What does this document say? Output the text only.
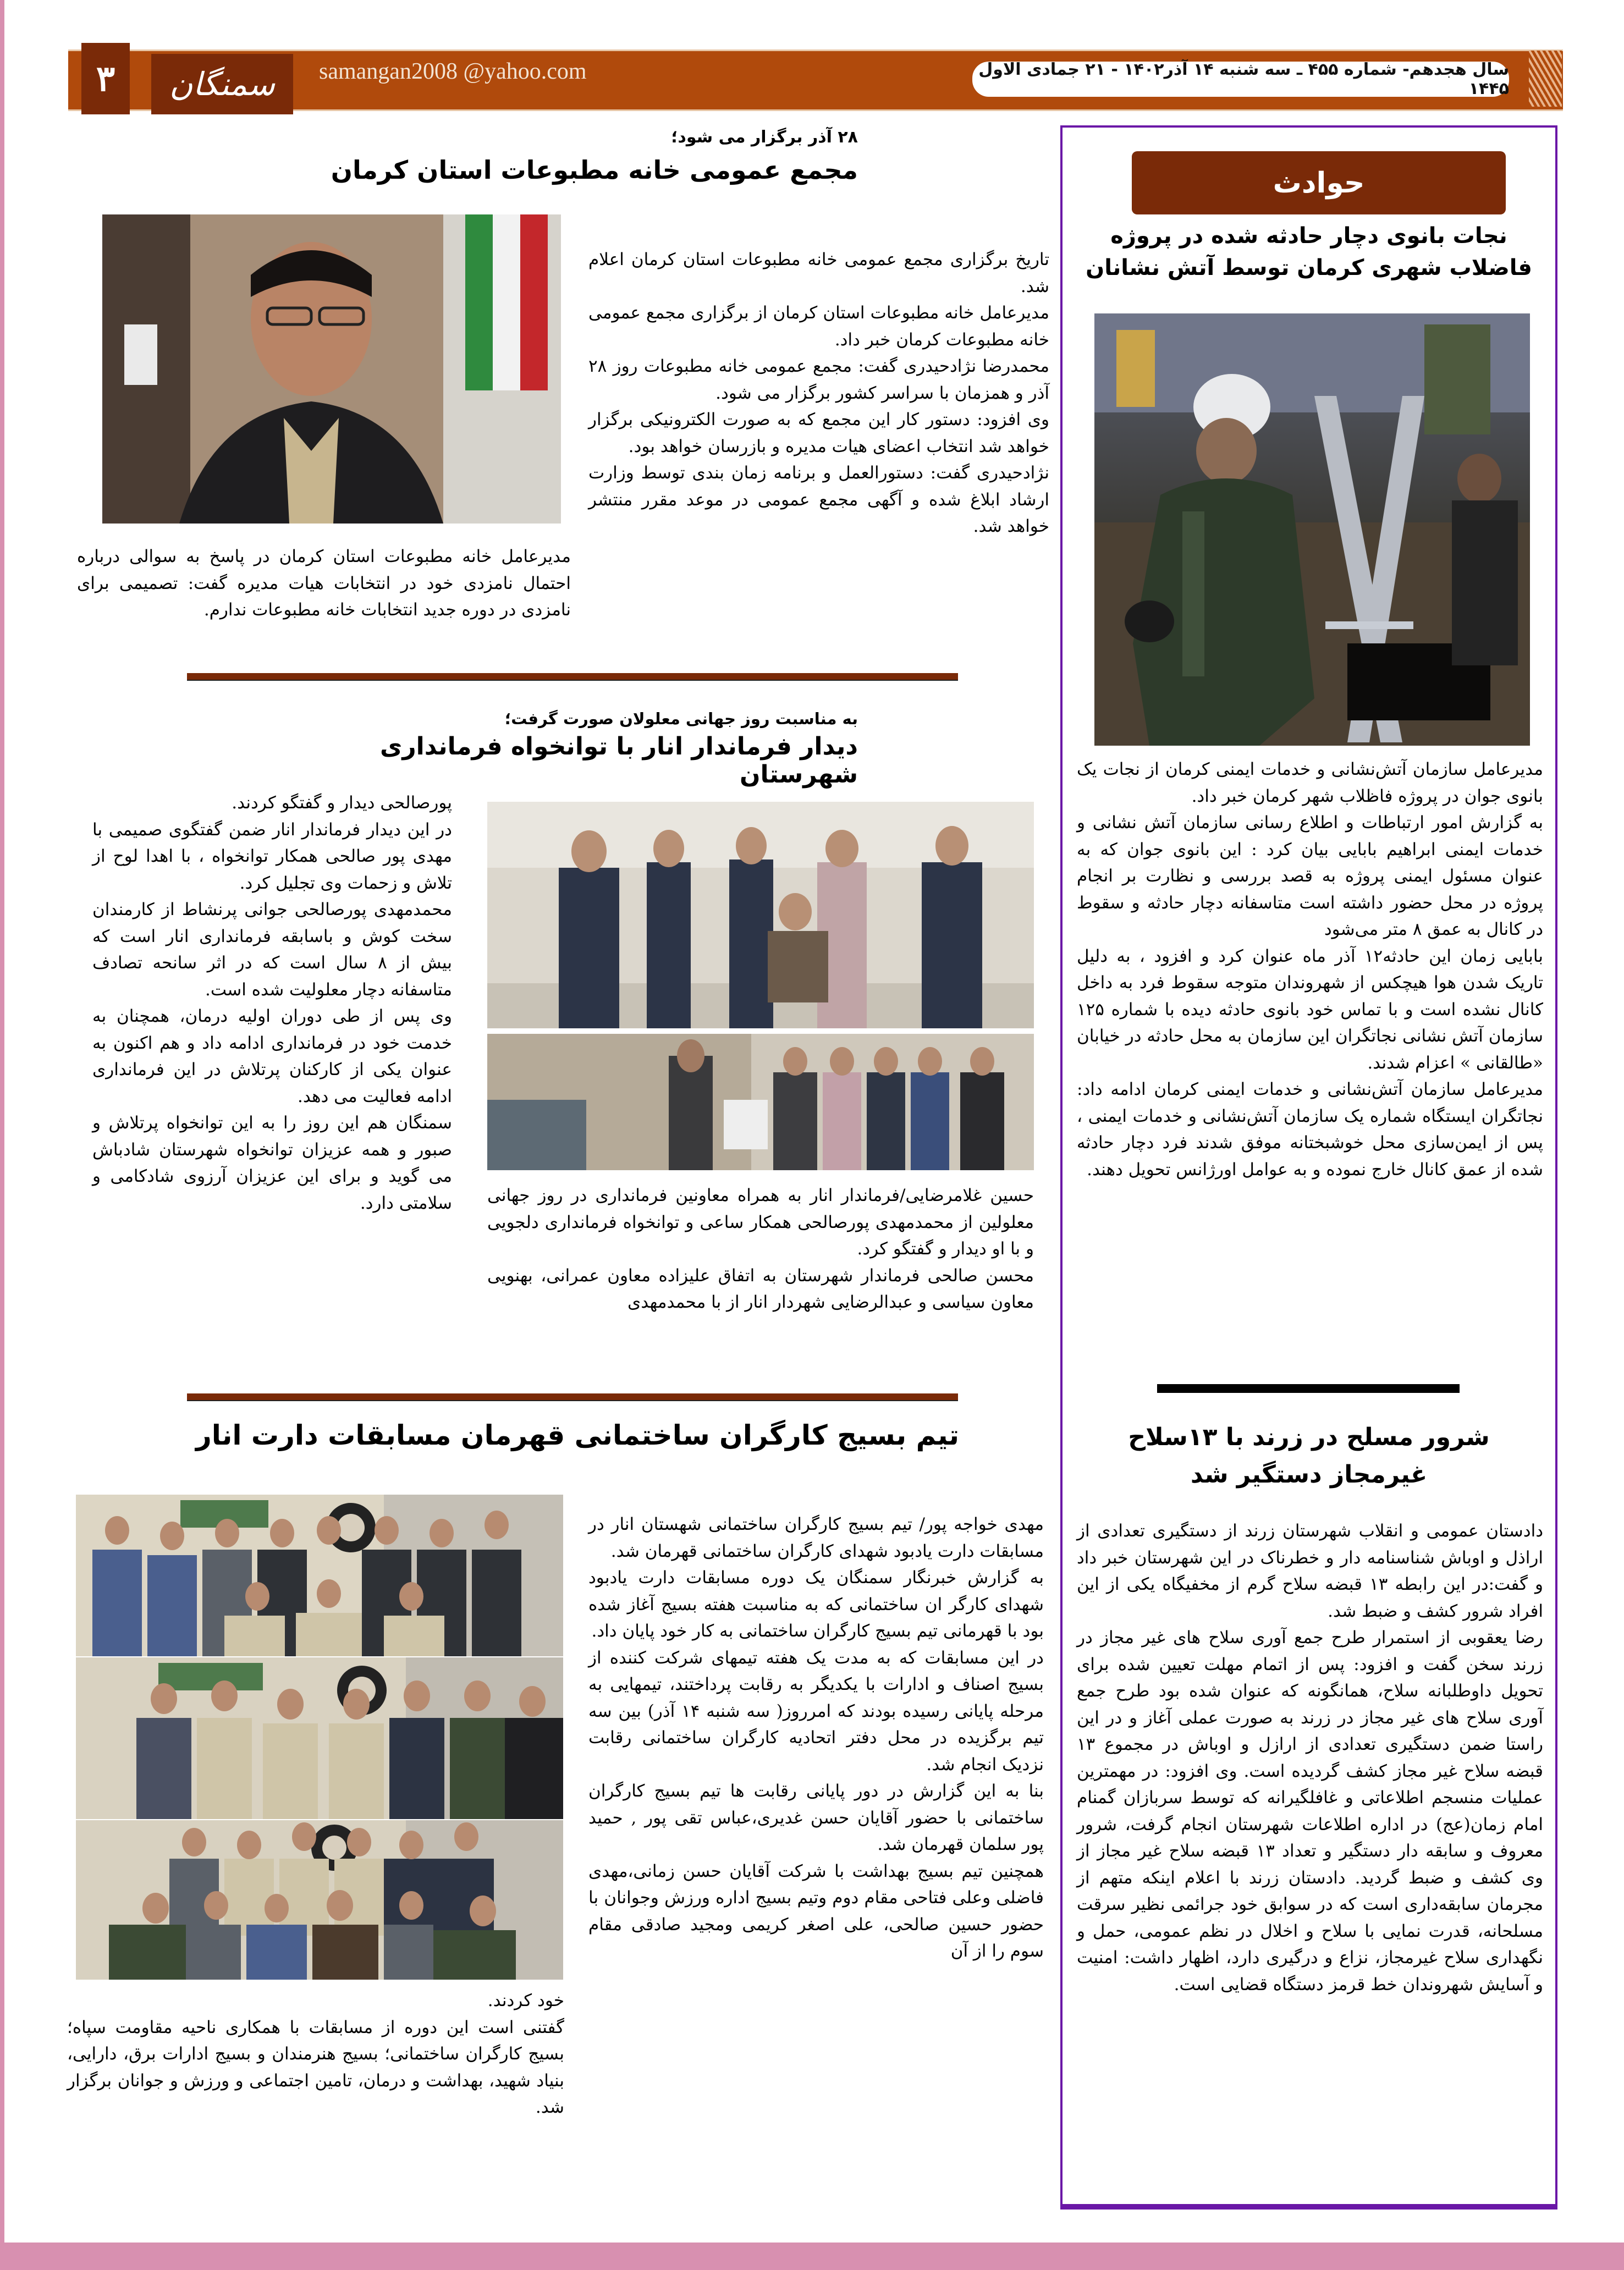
۳	سمنگان	samangan2008 @yahoo.com	سال هجدهم- شماره ۴۵۵ ـ سه شنبه ۱۴ آذر۱۴۰۲ - ۲۱ جمادی الاول ۱۴۴۵
حوادث
نجات بانوی دچار حادثه شده در پروژه فاضلاب شهری کرمان توسط آتش نشانان

مدیرعامل سازمان آتش‌نشانی و خدمات ایمنی کرمان از نجات یک بانوی جوان در پروژه فاظلاب شهر کرمان خبر داد.

به گزارش امور ارتباطات و اطلاع رسانی سازمان آتش نشانی و خدمات ایمنی ابراهیم بابایی بیان کرد : این بانوی جوان که به عنوان مسئول ایمنی پروژه به قصد بررسی و نظارت بر انجام پروژه در محل حضور داشته است متاسفانه دچار حادثه و سقوط در کانال به عمق ۸ متر می‌شود

بابایی زمان این حادثه۱۲ آذر ماه عنوان کرد و افزود ، به دلیل تاریک شدن هوا هیچکس از شهروندان متوجه سقوط فرد به داخل کانال نشده است و با تماس خود بانوی حادثه دیده با شماره ۱۲۵ سازمان آتش نشانی نجاتگران این سازمان به محل حادثه در خیابان «طالقانی » اعزام شدند.

مدیرعامل سازمان آتش‌نشانی و خدمات ایمنی کرمان ادامه داد: نجاتگران ایستگاه شماره یک سازمان آتش‌نشانی و خدمات ایمنی ، پس از ایمن‌سازی محل خوشبختانه موفق شدند فرد دچار حادثه شده از عمق کانال خارج نموده و به عوامل اورژانس تحویل دهند.

شرور مسلح در زرند با ۱۳سلاح غیرمجاز دستگیر شد

دادستان عمومی و انقلاب شهرستان زرند از دستگیری تعدادی از اراذل و اوباش شناسنامه دار و خطرناک در این شهرستان خبر داد و گفت:در این رابطه ۱۳ قبضه سلاح گرم از مخفیگاه یکی از این افراد شرور کشف و ضبط شد.

رضا یعقوبی از استمرار طرح جمع آوری سلاح های غیر مجاز در زرند سخن گفت و افزود: پس از اتمام مهلت تعیین شده برای تحویل داوطلبانه سلاح، همانگونه که عنوان شده بود طرح جمع آوری سلاح های غیر مجاز در زرند به صورت عملی آغاز و در این راستا ضمن دستگیری تعدادی از ارازل و اوباش در مجموع ۱۳ قبضه سلاح غیر مجاز کشف گردیده است. وی افزود: در مهمترین عملیات منسجم اطلاعاتی و غافلگیرانه که توسط سربازان گمنام امام زمان(عج) در اداره اطلاعات شهرستان انجام گرفت، شرور معروف و سابقه دار دستگیر و تعداد ۱۳ قبضه سلاح غیر مجاز از وی کشف و ضبط گردید. دادستان زرند با اعلام اینکه متهم از مجرمان سابقه‌داری است که در سوابق خود جرائمی نظیر سرقت مسلحانه، قدرت نمایی با سلاح و اخلال در نظم عمومی، حمل و نگهداری سلاح غیرمجاز، نزاع و درگیری دارد، اظهار داشت: امنیت و آسایش شهروندان خط قرمز دستگاه قضایی است.

۲۸ آذر برگزار می شود؛
مجمع عمومی خانه مطبوعات استان کرمان

تاریخ برگزاری مجمع عمومی خانه مطبوعات استان کرمان اعلام شد.

مدیرعامل خانه مطبوعات استان کرمان از برگزاری مجمع عمومی خانه مطبوعات کرمان خبر داد.

محمدرضا نژادحیدری گفت: مجمع عمومی خانه مطبوعات روز ۲۸ آذر و همزمان با سراسر کشور برگزار می شود.

وی افزود: دستور کار این مجمع که به صورت الکترونیکی برگزار خواهد شد انتخاب اعضای هیات مدیره و بازرسان خواهد بود.

نژادحیدری گفت: دستورالعمل و برنامه زمان بندی توسط وزارت ارشاد ابلاغ شده و آگهی مجمع عمومی در موعد مقرر منتشر خواهد شد.

مدیرعامل خانه مطبوعات استان کرمان در پاسخ به سوالی درباره احتمال نامزدی خود در انتخابات هیات مدیره گفت: تصمیمی برای نامزدی در دوره جدید انتخابات خانه مطبوعات ندارم.
به مناسبت روز جهانی معلولان صورت گرفت؛
دیدار فرماندار انار با توانخواه فرمانداری شهرستان

حسین غلامرضایی/فرماندار انار به همراه معاونین فرمانداری در روز جهانی معلولین از محمدمهدی پورصالحی همکار ساعی و توانخواه فرمانداری دلجویی و با او دیدار و گفتگو کرد.

محسن صالحی فرماندار شهرستان به اتفاق علیزاده معاون عمرانی، بهنویی معاون سیاسی و عبدالرضایی شهردار انار از با محمدمهدی

پورصالحی دیدار و گفتگو کردند.

در این دیدار فرماندار انار ضمن گفتگوی صمیمی با مهدی پور صالحی همکار توانخواه ، با اهدا لوح از تلاش و زحمات وی تجلیل کرد.

محمدمهدی پورصالحی جوانی پرنشاط از کارمندان سخت کوش و باسابقه فرمانداری انار است که بیش از ۸ سال است که در اثر سانحه تصادف متاسفانه دچار معلولیت شده است.

وی پس از طی دوران اولیه درمان، همچنان به خدمت خود در فرمانداری ادامه داد و هم اکنون به عنوان یکی از کارکنان پرتلاش در این فرمانداری ادامه فعالیت می دهد.

سمنگان هم این روز را به این توانخواه پرتلاش و صبور و همه عزیزان توانخواه شهرستان شادباش می گوید و برای این عزیزان آرزوی شادکامی و سلامتی دارد.

تیم بسیج کارگران ساختمانی قهرمان مسابقات دارت انار

مهدی خواجه پور/ تیم بسیج کارگران ساختمانی شهستان انار در مسابقات دارت یادبود شهدای کارگران ساختمانی قهرمان شد.

به گزارش خبرنگار سمنگان یک دوره مسابقات دارت یادبود شهدای کارگر ان ساختمانی که به مناسبت هفته بسیج آغاز شده بود با قهرمانی تیم بسیج کارگران ساختمانی به کار خود پایان داد.

در این مسابقات که به مدت یک هفته تیمهای شرکت کننده از بسیج اصناف و ادارات با یکدیگر به رقابت پرداختند، تیمهایی به مرحله پایانی رسیده بودند که امرروز( سه شنبه ۱۴ آذر) بین سه تیم برگزیده در محل دفتر اتحادیه کارگران ساختمانی رقابت نزدیک انجام شد.

بنا به این گزارش در دور پایانی رقابت ها تیم بسیج کارگران ساختمانی با حضور آقایان حسن غدیری،عباس تقی پور , حمید پور سلمان قهرمان شد.

همچنین تیم بسیج بهداشت با شرکت آقایان حسن زمانی،مهدی فاضلی وعلی فتاحی مقام دوم وتیم بسیج اداره ورزش وجوانان با حضور حسین صالحی، علی اصغر کریمی ومجید صادقی مقام سوم را از آن

خود کردند.

گفتنی است این دوره از مسابقات با همکاری ناحیه مقاومت سپاه؛ بسیج کارگران ساختمانی؛ بسیج هنرمندان و بسیج ادارات برق، دارایی، بنیاد شهید، بهداشت و درمان، تامین اجتماعی و ورزش و جوانان برگزار شد.
